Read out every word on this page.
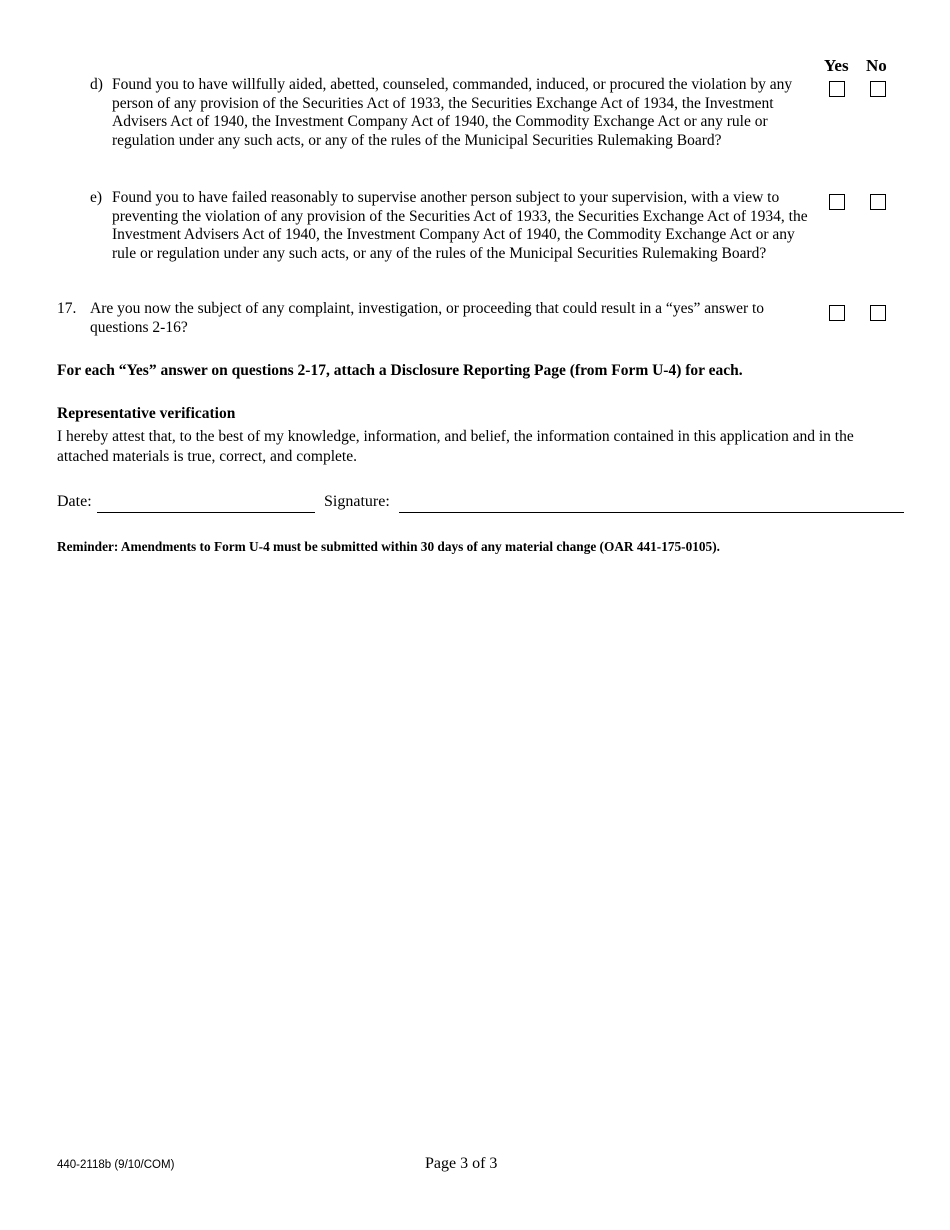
Yes No
d) Found you to have willfully aided, abetted, counseled, commanded, induced, or procured the violation by any person of any provision of the Securities Act of 1933, the Securities Exchange Act of 1934, the Investment Advisers Act of 1940, the Investment Company Act of 1940, the Commodity Exchange Act or any rule or regulation under any such acts, or any of the rules of the Municipal Securities Rulemaking Board?
e) Found you to have failed reasonably to supervise another person subject to your supervision, with a view to preventing the violation of any provision of the Securities Act of 1933, the Securities Exchange Act of 1934, the Investment Advisers Act of 1940, the Investment Company Act of 1940, the Commodity Exchange Act or any rule or regulation under any such acts, or any of the rules of the Municipal Securities Rulemaking Board?
17. Are you now the subject of any complaint, investigation, or proceeding that could result in a “yes” answer to questions 2-16?
For each “Yes” answer on questions 2-17, attach a Disclosure Reporting Page (from Form U-4) for each.
Representative verification
I hereby attest that, to the best of my knowledge, information, and belief, the information contained in this application and in the attached materials is true, correct, and complete.
Date:	Signature:
Reminder: Amendments to Form U-4 must be submitted within 30 days of any material change (OAR 441-175-0105).
440-2118b (9/10/COM)	Page 3 of 3
